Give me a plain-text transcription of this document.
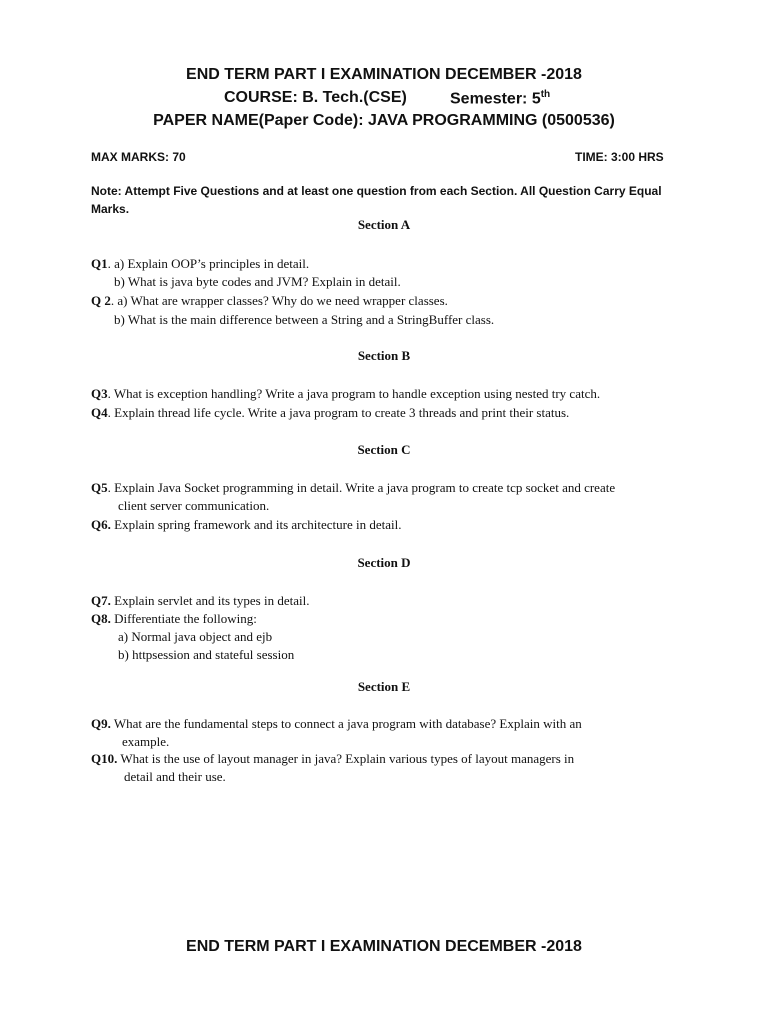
END TERM PART I EXAMINATION DECEMBER -2018
COURSE: B. Tech.(CSE)	Semester: 5th
PAPER NAME(Paper Code): JAVA PROGRAMMING (0500536)
MAX MARKS: 70	TIME: 3:00 HRS
Note: Attempt Five Questions and at least one question from each Section. All Question Carry Equal
Marks.
Section A
Q1. a) Explain OOP’s principles in detail.
b) What is java byte codes and JVM? Explain in detail.
Q 2. a) What are wrapper classes? Why do we need wrapper classes.
b) What is the main difference between a String and a StringBuffer class.
Section B
Q3. What is exception handling? Write a java program to handle exception using nested try catch.
Q4. Explain thread life cycle. Write a java program to create 3 threads and print their status.
Section C
Q5. Explain Java Socket programming in detail. Write a java program to create tcp socket and create
client server communication.
Q6. Explain spring framework and its architecture in detail.
Section D
Q7. Explain servlet and its types in detail.
Q8. Differentiate the following:
a) Normal java object and ejb
b) httpsession and stateful session
Section E
Q9. What are the fundamental steps to connect a java program with database? Explain with an
example.
Q10. What is the use of layout manager in java? Explain various types of layout managers in
detail and their use.
END TERM PART I EXAMINATION DECEMBER -2018
